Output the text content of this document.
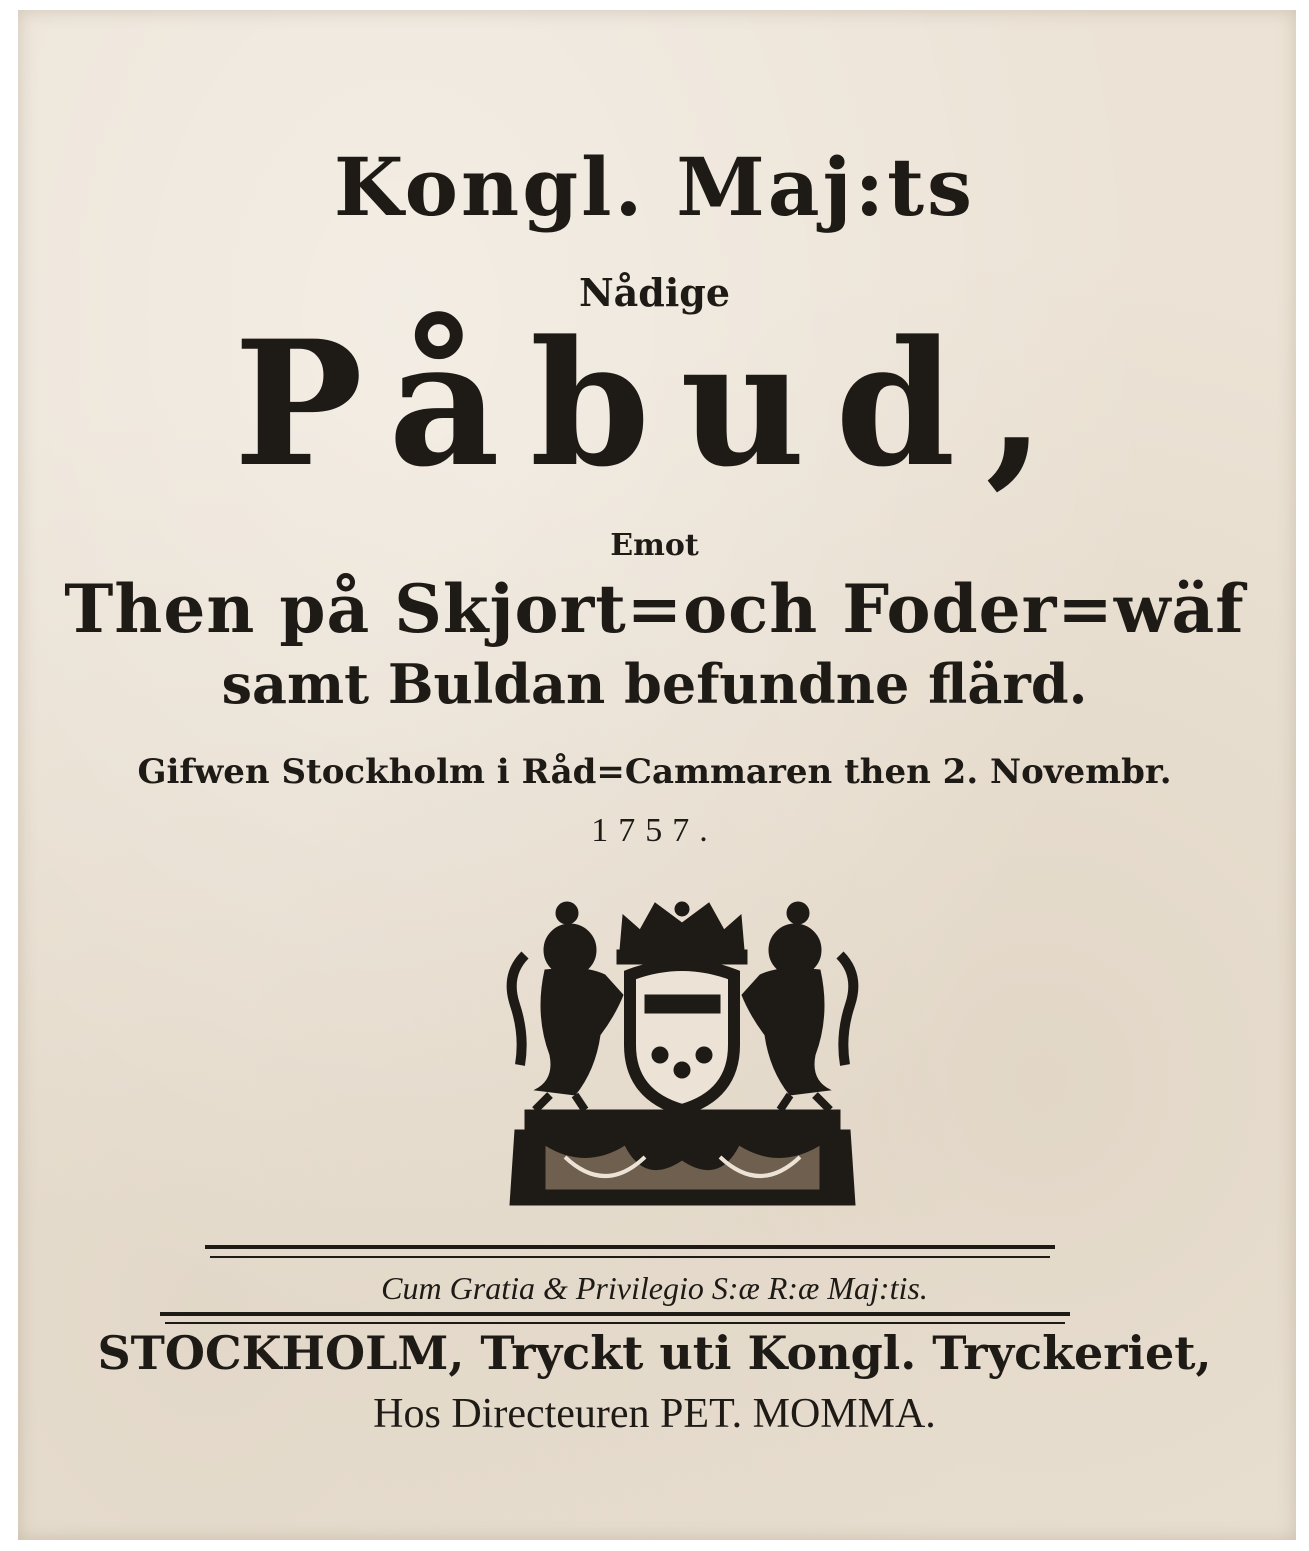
Kongl. Maj:ts
Nådige
Påbud,
Emot
Then på Skjort=och Foder=wäf
samt Buldan befundne flärd.
Gifwen Stockholm i Råd=Cammaren then 2. Novembr.
1757.
Cum Gratia & Privilegio S:æ R:æ Maj:tis.
STOCKHOLM, Tryckt uti Kongl. Tryckeriet,
Hos Directeuren PET. MOMMA.
